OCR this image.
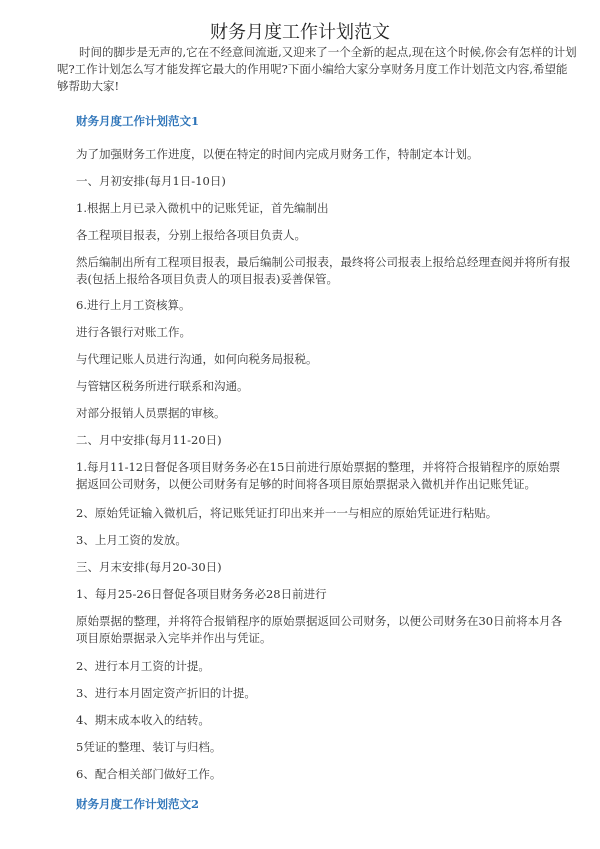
财务月度工作计划范文
时间的脚步是无声的,它在不经意间流逝,又迎来了一个全新的起点,现在这个时候,你会有怎样的计划呢?工作计划怎么写才能发挥它最大的作用呢?下面小编给大家分享财务月度工作计划范文内容,希望能够帮助大家!
财务月度工作计划范文1
为了加强财务工作进度，以便在特定的时间内完成月财务工作，特制定本计划。
一、月初安排(每月1日-10日)
1.根据上月已录入微机中的记账凭证，首先编制出
各工程项目报表，分别上报给各项目负责人。
然后编制出所有工程项目报表，最后编制公司报表，最终将公司报表上报给总经理查阅并将所有报表(包括上报给各项目负责人的项目报表)妥善保管。
6.进行上月工资核算。
进行各银行对账工作。
与代理记账人员进行沟通，如何向税务局报税。
与管辖区税务所进行联系和沟通。
对部分报销人员票据的审核。
二、月中安排(每月11-20日)
1.每月11-12日督促各项目财务务必在15日前进行原始票据的整理，并将符合报销程序的原始票据返回公司财务，以便公司财务有足够的时间将各项目原始票据录入微机并作出记账凭证。
2、原始凭证输入微机后，将记账凭证打印出来并一一与相应的原始凭证进行粘贴。
3、上月工资的发放。
三、月末安排(每月20-30日)
1、每月25-26日督促各项目财务务必28日前进行
原始票据的整理，并将符合报销程序的原始票据返回公司财务，以便公司财务在30日前将本月各项目原始票据录入完毕并作出与凭证。
2、进行本月工资的计提。
3、进行本月固定资产折旧的计提。
4、期末成本收入的结转。
5凭证的整理、装订与归档。
6、配合相关部门做好工作。
财务月度工作计划范文2
